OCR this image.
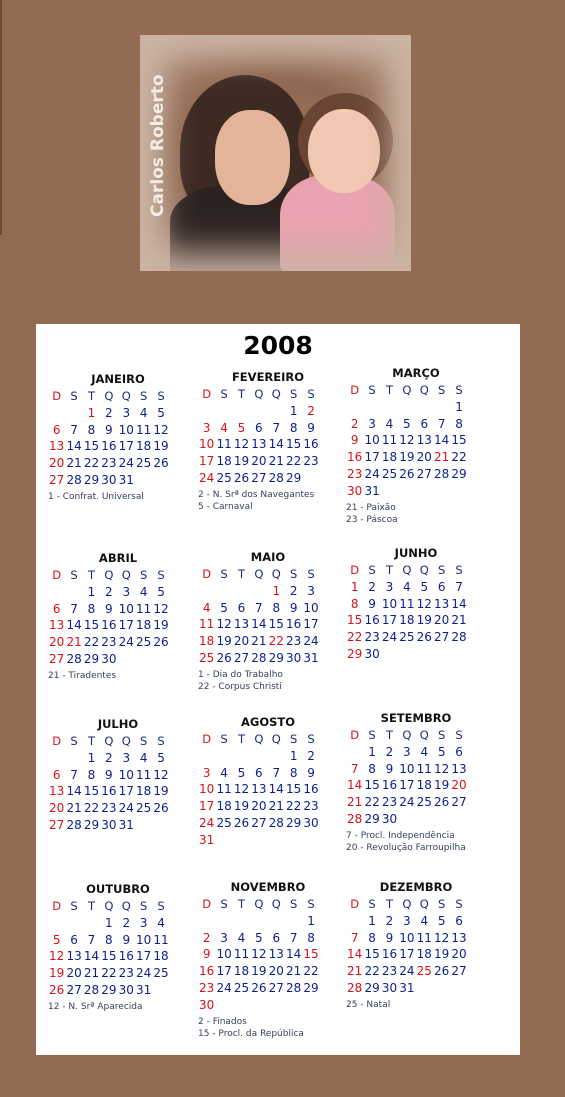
Carlos Roberto
2008
JANEIRO
D S T Q Q S S
1 2 3 4 5
6 7 8 9 10 11 12
13 14 15 16 17 18 19
20 21 22 23 24 25 26
27 28 29 30 31
1 - Confrat. Universal
FEVEREIRO
D S T Q Q S S
1 2
3 4 5 6 7 8 9
10 11 12 13 14 15 16
17 18 19 20 21 22 23
24 25 26 27 28 29
2 - N. Srª dos Navegantes
5 - Carnaval
MARÇO
D S T Q Q S S
1
2 3 4 5 6 7 8
9 10 11 12 13 14 15
16 17 18 19 20 21 22
23 24 25 26 27 28 29
30 31
21 - Paixão
23 - Páscoa
ABRIL
D S T Q Q S S
1 2 3 4 5
6 7 8 9 10 11 12
13 14 15 16 17 18 19
20 21 22 23 24 25 26
27 28 29 30
21 - Tiradentes
MAIO
D S T Q Q S S
1 2 3
4 5 6 7 8 9 10
11 12 13 14 15 16 17
18 19 20 21 22 23 24
25 26 27 28 29 30 31
1 - Dia do Trabalho
22 - Corpus Christi
JUNHO
D S T Q Q S S
1 2 3 4 5 6 7
8 9 10 11 12 13 14
15 16 17 18 19 20 21
22 23 24 25 26 27 28
29 30
JULHO
D S T Q Q S S
1 2 3 4 5
6 7 8 9 10 11 12
13 14 15 16 17 18 19
20 21 22 23 24 25 26
27 28 29 30 31
AGOSTO
D S T Q Q S S
1 2
3 4 5 6 7 8 9
10 11 12 13 14 15 16
17 18 19 20 21 22 23
24 25 26 27 28 29 30
31
SETEMBRO
D S T Q Q S S
1 2 3 4 5 6
7 8 9 10 11 12 13
14 15 16 17 18 19 20
21 22 23 24 25 26 27
28 29 30
7 - Procl. Independência
20 - Revolução Farroupilha
OUTUBRO
D S T Q Q S S
1 2 3 4
5 6 7 8 9 10 11
12 13 14 15 16 17 18
19 20 21 22 23 24 25
26 27 28 29 30 31
12 - N. Srª Aparecida
NOVEMBRO
D S T Q Q S S
1
2 3 4 5 6 7 8
9 10 11 12 13 14 15
16 17 18 19 20 21 22
23 24 25 26 27 28 29
30
2 - Finados
15 - Procl. da República
DEZEMBRO
D S T Q Q S S
1 2 3 4 5 6
7 8 9 10 11 12 13
14 15 16 17 18 19 20
21 22 23 24 25 26 27
28 29 30 31
25 - Natal
